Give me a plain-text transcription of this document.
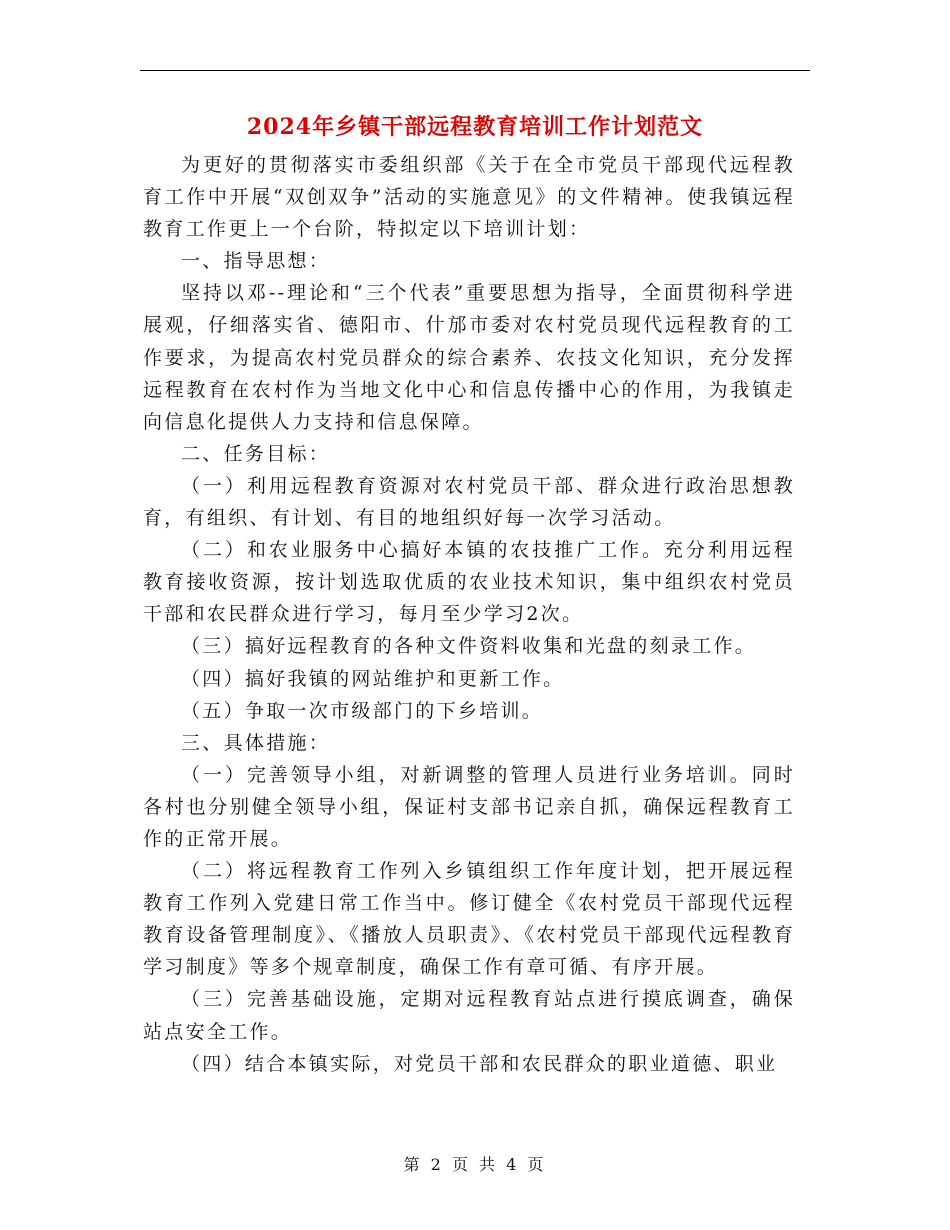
2024年乡镇干部远程教育培训工作计划范文

为更好的贯彻落实市委组织部《关于在全市党员干部现代远程教育工作中开展“双创双争”活动的实施意见》的文件精神。使我镇远程教育工作更上一个台阶，特拟定以下培训计划：

一、指导思想：

坚持以邓--理论和“三个代表”重要思想为指导，全面贯彻科学进展观，仔细落实省、德阳市、什邡市委对农村党员现代远程教育的工作要求，为提高农村党员群众的综合素养、农技文化知识，充分发挥远程教育在农村作为当地文化中心和信息传播中心的作用，为我镇走向信息化提供人力支持和信息保障。

二、任务目标：

（一）利用远程教育资源对农村党员干部、群众进行政治思想教育，有组织、有计划、有目的地组织好每一次学习活动。

（二）和农业服务中心搞好本镇的农技推广工作。充分利用远程教育接收资源，按计划选取优质的农业技术知识，集中组织农村党员干部和农民群众进行学习，每月至少学习2次。

（三）搞好远程教育的各种文件资料收集和光盘的刻录工作。

（四）搞好我镇的网站维护和更新工作。

（五）争取一次市级部门的下乡培训。

三、具体措施：

（一）完善领导小组，对新调整的管理人员进行业务培训。同时各村也分别健全领导小组，保证村支部书记亲自抓，确保远程教育工作的正常开展。

（二）将远程教育工作列入乡镇组织工作年度计划，把开展远程教育工作列入党建日常工作当中。修订健全《农村党员干部现代远程教育设备管理制度》、《播放人员职责》、《农村党员干部现代远程教育学习制度》等多个规章制度，确保工作有章可循、有序开展。

（三）完善基础设施，定期对远程教育站点进行摸底调查，确保站点安全工作。

（四）结合本镇实际，对党员干部和农民群众的职业道德、职业

第 2 页 共 4 页
